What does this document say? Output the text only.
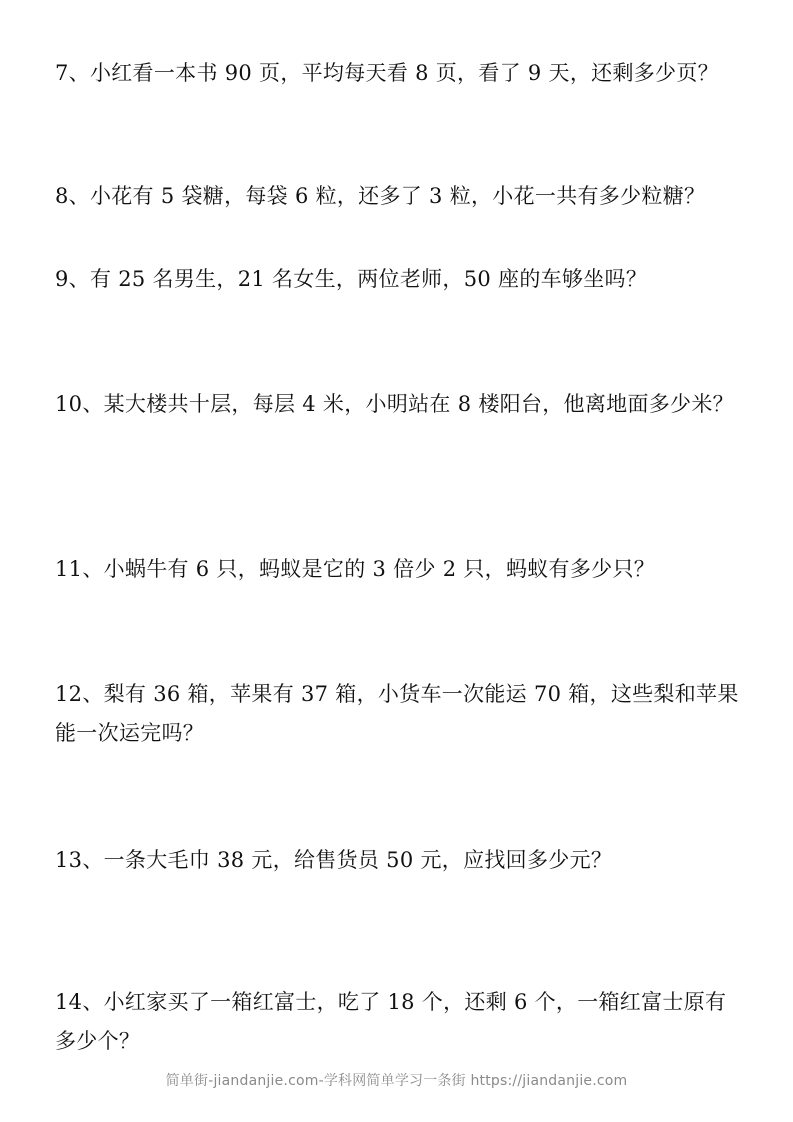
7、小红看一本书 90 页，平均每天看 8 页，看了 9 天，还剩多少页？

8、小花有 5 袋糖，每袋 6 粒，还多了 3 粒，小花一共有多少粒糖？

9、有 25 名男生，21 名女生，两位老师，50 座的车够坐吗？

10、某大楼共十层，每层 4 米，小明站在 8 楼阳台，他离地面多少米？

11、小蜗牛有 6 只，蚂蚁是它的 3 倍少 2 只，蚂蚁有多少只？

12、梨有 36 箱，苹果有 37 箱，小货车一次能运 70 箱，这些梨和苹果能一次运完吗？

13、一条大毛巾 38 元，给售货员 50 元，应找回多少元？

14、小红家买了一箱红富士，吃了 18 个，还剩 6 个，一箱红富士原有多少个？

简单街-jiandanjie.com-学科网简单学习一条街 https://jiandanjie.com
